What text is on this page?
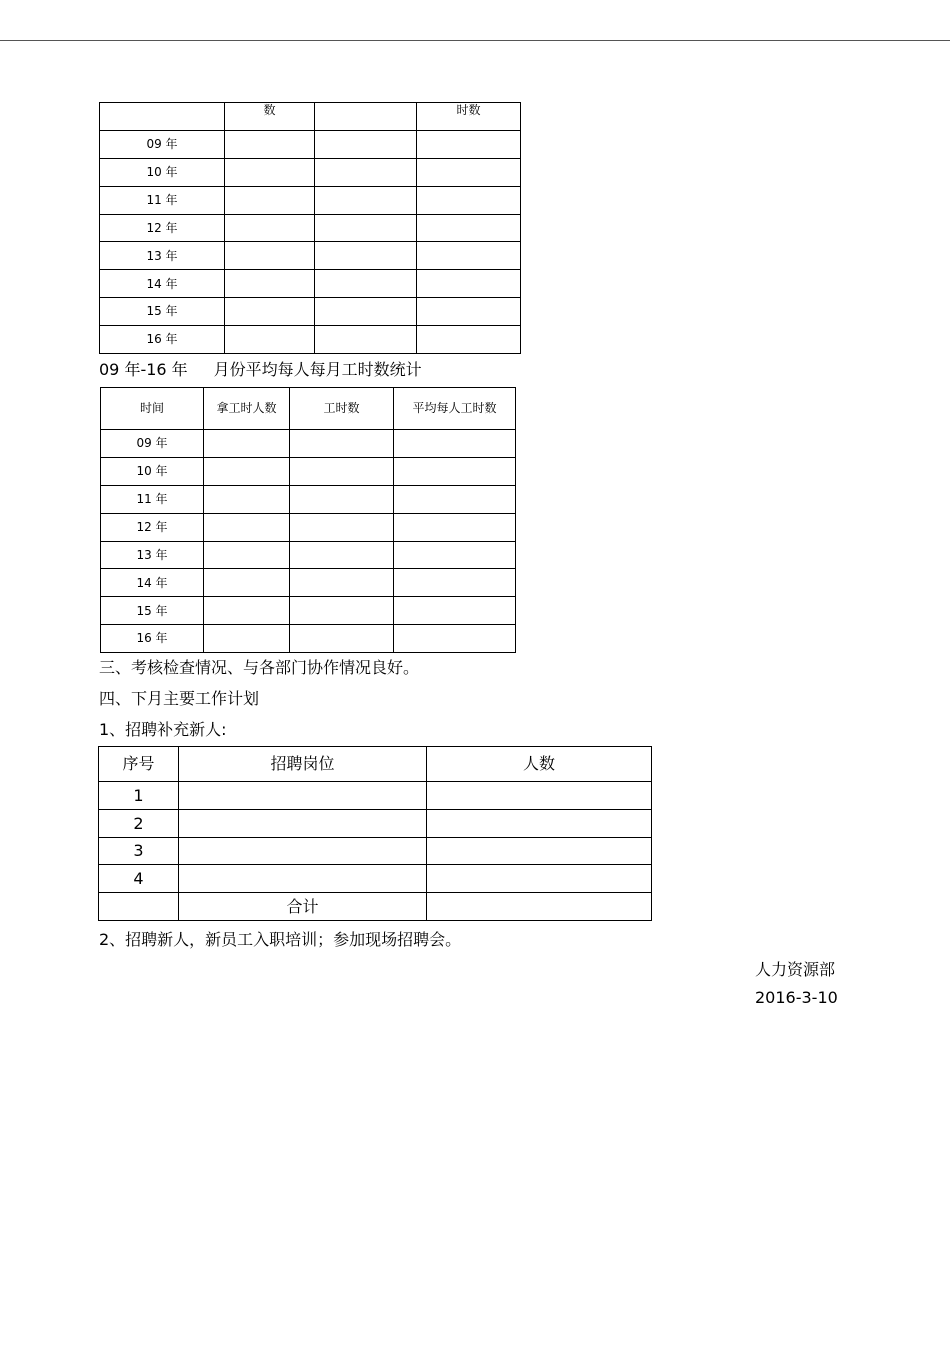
	数		时数
09 年			
10 年			
11 年			
12 年			
13 年			
14 年			
15 年			
16 年			
09 年-16 年 月份平均每人每月工时数统计
时间	拿工时人数	工时数	平均每人工时数
09 年			
10 年			
11 年			
12 年			
13 年			
14 年			
15 年			
16 年			
三、考核检查情况、与各部门协作情况良好。
四、下月主要工作计划
1、招聘补充新人:
序号	招聘岗位	人数
1		
2		
3		
4		
	合计	
2、招聘新人，新员工入职培训；参加现场招聘会。
人力资源部
2016-3-10
